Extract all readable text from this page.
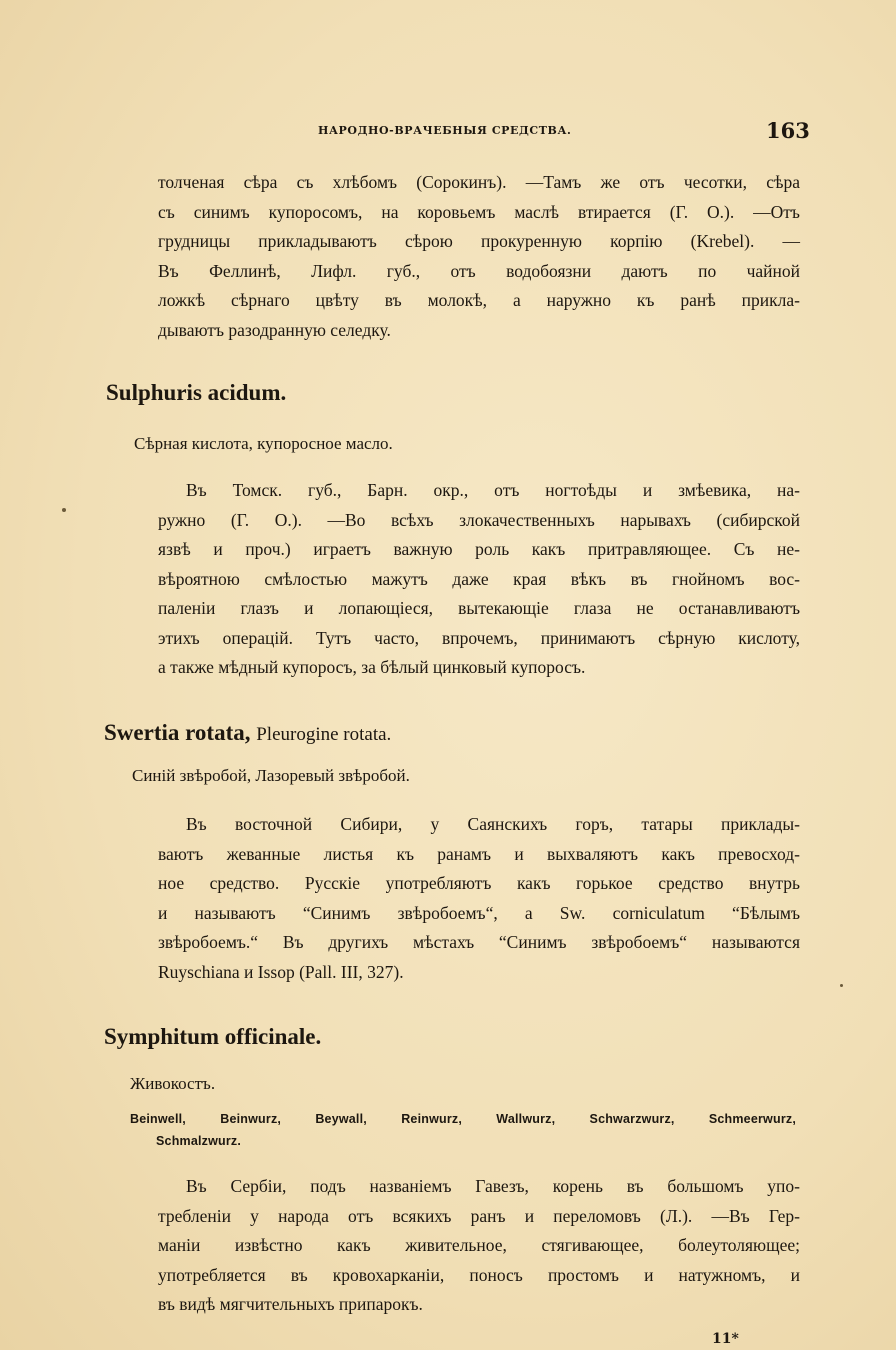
НАРОДНО-ВРАЧЕБНЫЯ СРЕДСТВА.	163
толченая сѣра съ хлѣбомъ (Сорокинъ). —Тамъ же отъ чесотки, сѣра
съ синимъ купоросомъ, на коровьемъ маслѣ втирается (Г. О.). —Отъ
грудницы прикладываютъ сѣрою прокуренную корпію (Krebel). —
Въ Феллинѣ, Лифл. губ., отъ водобоязни даютъ по чайной
ложкѣ сѣрнаго цвѣту въ молокѣ, а наружно къ ранѣ прикла-
дываютъ разодранную селедку.
Sulphuris acidum.
Сѣрная кислота, купоросное масло.
Въ Томск. губ., Барн. окр., отъ ногтоѣды и змѣевика, на-
ружно (Г. О.). —Во всѣхъ злокачественныхъ нарывахъ (сибирской
язвѣ и проч.) играетъ важную роль какъ притравляющее. Съ не-
вѣроятною смѣлостью мажутъ даже края вѣкъ въ гнойномъ вос-
паленіи глазъ и лопающіеся, вытекающіе глаза не останавливаютъ
этихъ операцій. Тутъ часто, впрочемъ, принимаютъ сѣрную кислоту,
а также мѣдный купоросъ, за бѣлый цинковый купоросъ.
Swertia rotata, Pleurogine rotata.
Синій звѣробой, Лазоревый звѣробой.
Въ восточной Сибири, у Саянскихъ горъ, татары приклады-
ваютъ жеванные листья къ ранамъ и выхваляютъ какъ превосход-
ное средство. Русскіе употребляютъ какъ горькое средство внутрь
и называютъ “Синимъ звѣробоемъ“, а Sw. corniculatum “Бѣлымъ
звѣробоемъ.“ Въ другихъ мѣстахъ “Синимъ звѣробоемъ“ называются
Ruyschiana и Issop (Pall. III, 327).
Symphitum officinale.
Живокостъ.
Beinwell, Beinwurz, Beywall, Reinwurz, Wallwurz, Schwarzwurz, Schmeerwurz,
Schmalzwurz.
Въ Сербіи, подъ названіемъ Гавезъ, корень въ большомъ упо-
требленіи у народа отъ всякихъ ранъ и переломовъ (Л.). —Въ Гер-
маніи извѣстно какъ живительное, стягивающее, болеутоляющее;
употребляется въ кровохарканіи, поносъ простомъ и натужномъ, и
въ видѣ мягчительныхъ припарокъ.
11*
